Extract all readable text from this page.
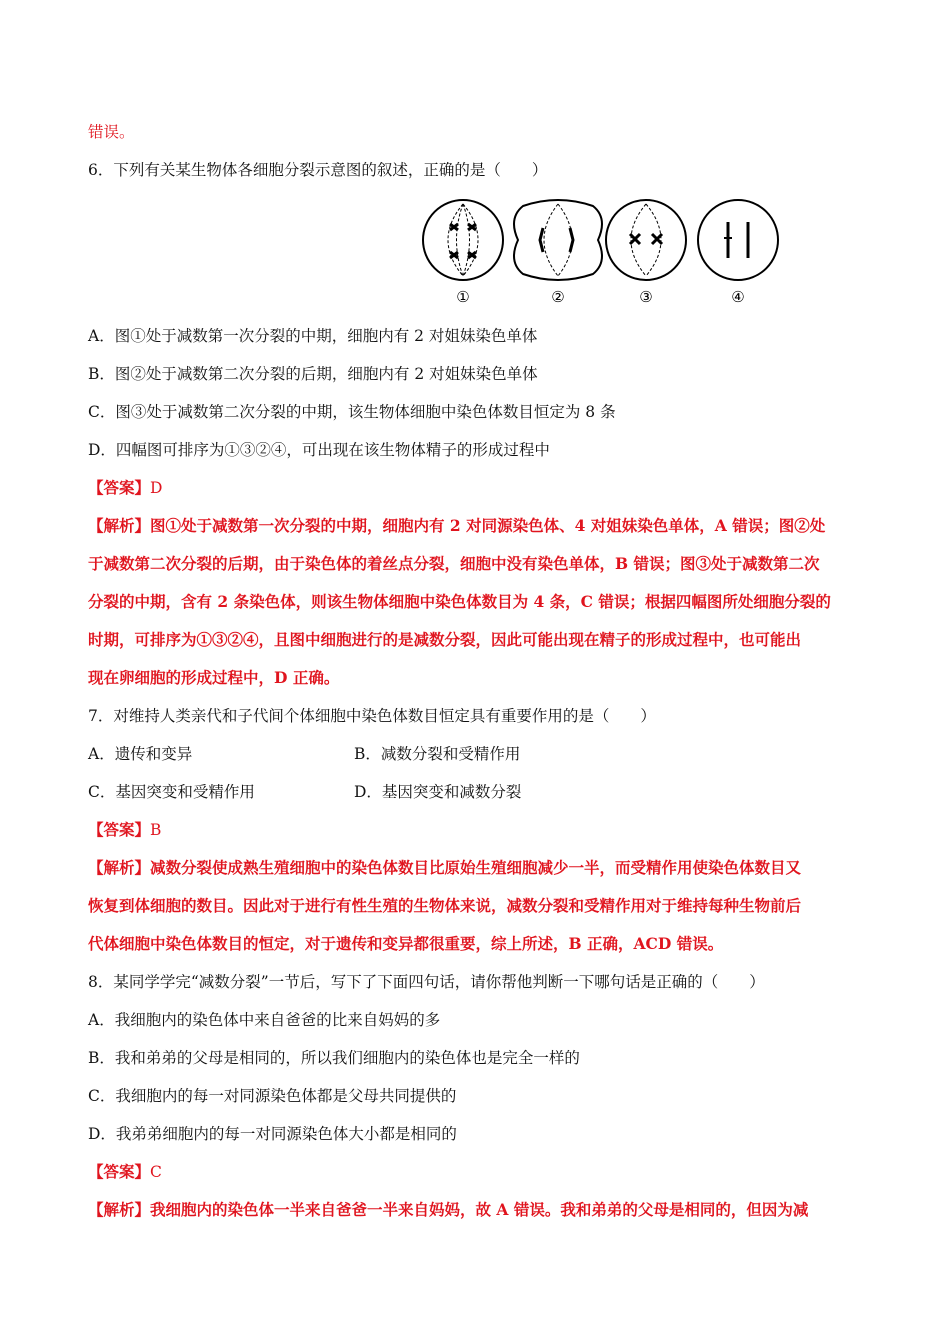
错误。
6．下列有关某生物体各细胞分裂示意图的叙述，正确的是（　　）
①	②	③	④
A．图①处于减数第一次分裂的中期，细胞内有 2 对姐妹染色单体
B．图②处于减数第二次分裂的后期，细胞内有 2 对姐妹染色单体
C．图③处于减数第二次分裂的中期，该生物体细胞中染色体数目恒定为 8 条
D．四幅图可排序为①③②④，可出现在该生物体精子的形成过程中
【答案】D
【解析】图①处于减数第一次分裂的中期，细胞内有 2 对同源染色体、4 对姐妹染色单体，A 错误；图②处
于减数第二次分裂的后期，由于染色体的着丝点分裂，细胞中没有染色单体，B 错误；图③处于减数第二次
分裂的中期，含有 2 条染色体，则该生物体细胞中染色体数目为 4 条，C 错误；根据四幅图所处细胞分裂的
时期，可排序为①③②④，且图中细胞进行的是减数分裂，因此可能出现在精子的形成过程中，也可能出
现在卵细胞的形成过程中，D 正确。
7．对维持人类亲代和子代间个体细胞中染色体数目恒定具有重要作用的是（　　）
A．遗传和变异	B．减数分裂和受精作用
C．基因突变和受精作用	D．基因突变和减数分裂
【答案】B
【解析】减数分裂使成熟生殖细胞中的染色体数目比原始生殖细胞减少一半，而受精作用使染色体数目又
恢复到体细胞的数目。因此对于进行有性生殖的生物体来说，减数分裂和受精作用对于维持每种生物前后
代体细胞中染色体数目的恒定，对于遗传和变异都很重要，综上所述，B 正确，ACD 错误。
8．某同学学完“减数分裂”一节后，写下了下面四句话，请你帮他判断一下哪句话是正确的（　　）
A．我细胞内的染色体中来自爸爸的比来自妈妈的多
B．我和弟弟的父母是相同的，所以我们细胞内的染色体也是完全一样的
C．我细胞内的每一对同源染色体都是父母共同提供的
D．我弟弟细胞内的每一对同源染色体大小都是相同的
【答案】C
【解析】我细胞内的染色体一半来自爸爸一半来自妈妈，故 A 错误。我和弟弟的父母是相同的，但因为减
